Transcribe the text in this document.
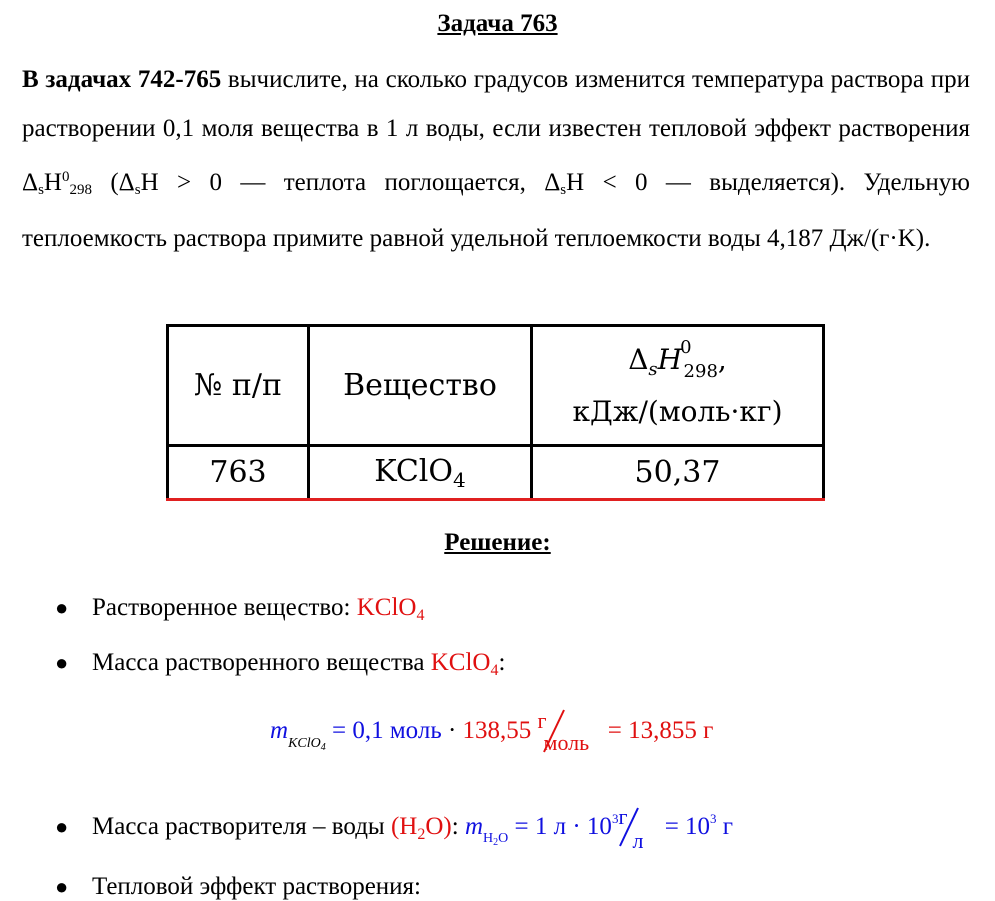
Задача 763
В задачах 742-765 вычислите, на сколько градусов изменится температура раствора при растворении 0,1 моля вещества в 1 л воды, если известен тепловой эффект растворения $\Delta_sH^0_{298}$ ($\Delta_sH > 0$ — теплота поглощается, $\Delta_sH < 0$ — выделяется). Удельную теплоемкость раствора примите равной удельной теплоемкости воды 4,187 Дж/(г·K).
№ п/п	Вещество	$\Delta_sH^0_{298}$,
кДж/(моль·кг)

763	KClO$_4$	50,37
Решение:
● Растворенное вещество: KClO$_4$
● Масса растворенного вещества KClO$_4$:
$m_{KClO4} = 0,1$ моль · 138,55 г
моль = 13,855 г
● Масса растворителя – воды $(H_2O)$: $m_{H2O} = 1$ $л \cdot 10^3$ г
л
= $10^3$ г
● Тепловой эффект растворения:
